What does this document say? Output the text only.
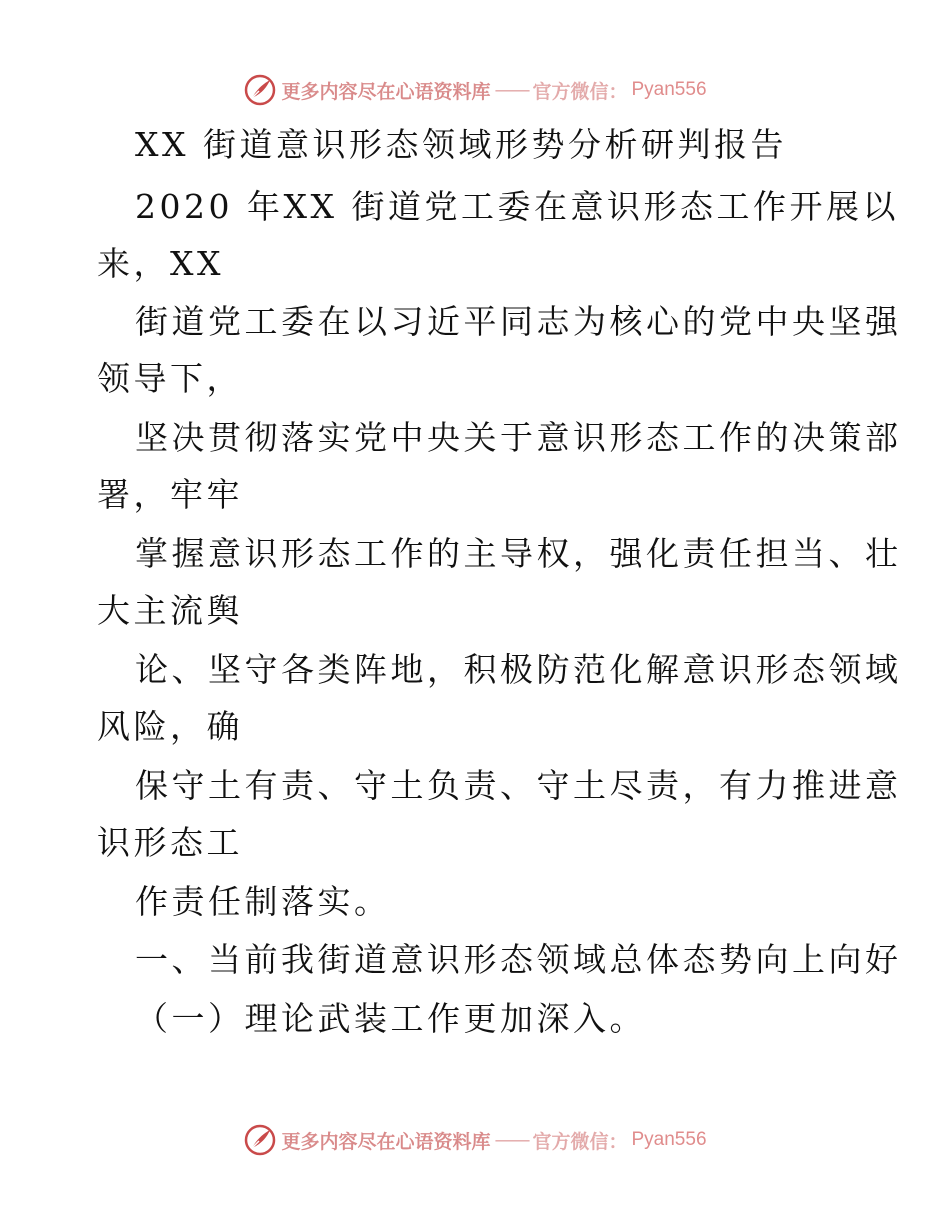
更多内容尽在心语资料库 —— 官方微信： Pyan556
XX 街道意识形态领域形势分析研判报告
2020 年XX 街道党工委在意识形态工作开展以
来，XX
街道党工委在以习近平同志为核心的党中央坚强
领导下，
坚决贯彻落实党中央关于意识形态工作的决策部
署，牢牢
掌握意识形态工作的主导权，强化责任担当、壮
大主流舆
论、坚守各类阵地，积极防范化解意识形态领域
风险，确
保守土有责、守土负责、守土尽责，有力推进意
识形态工
作责任制落实。
一、当前我街道意识形态领域总体态势向上向好
（一）理论武装工作更加深入。
更多内容尽在心语资料库 —— 官方微信： Pyan556
